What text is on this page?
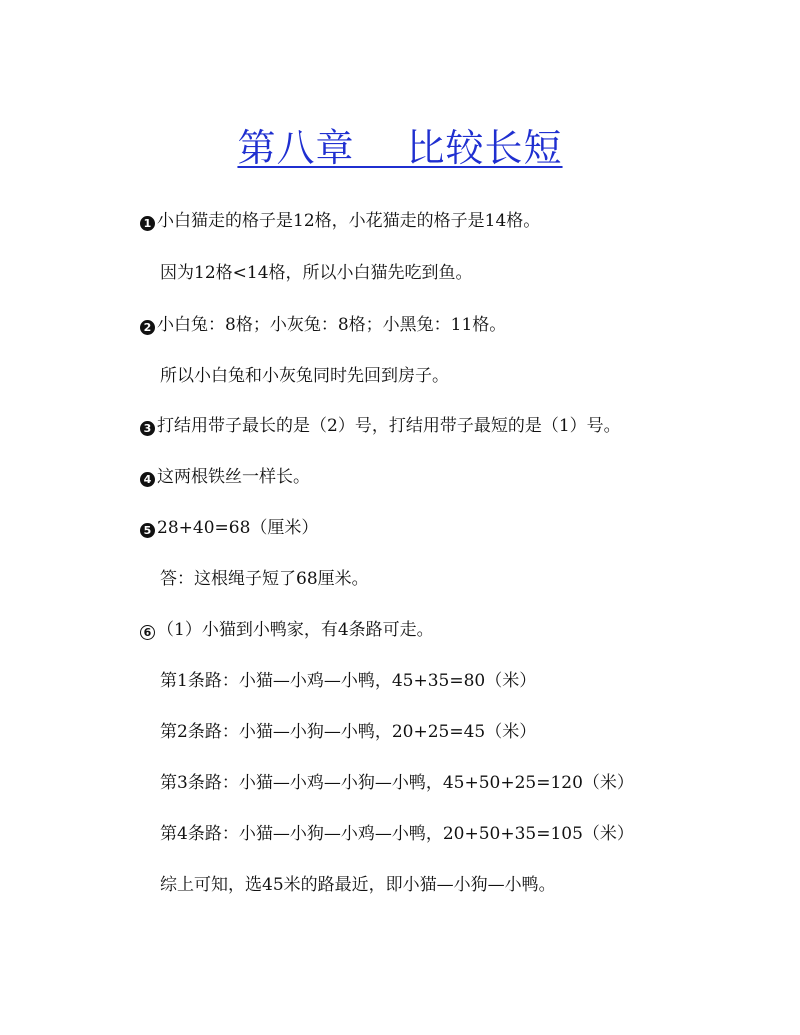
第八章　 比较长短
1 小白猫走的格子是12格，小花猫走的格子是14格。
因为12格<14格，所以小白猫先吃到鱼。
2 小白兔：8格；小灰兔：8格；小黑兔：11格。
所以小白兔和小灰兔同时先回到房子。
3 打结用带子最长的是（2）号，打结用带子最短的是（1）号。
4 这两根铁丝一样长。
5 28+40=68（厘米）
答：这根绳子短了68厘米。
6 （1）小猫到小鸭家，有4条路可走。
第1条路：小猫—小鸡—小鸭，45+35=80（米）
第2条路：小猫—小狗—小鸭，20+25=45（米）
第3条路：小猫—小鸡—小狗—小鸭，45+50+25=120（米）
第4条路：小猫—小狗—小鸡—小鸭，20+50+35=105（米）
综上可知，选45米的路最近，即小猫—小狗—小鸭。
